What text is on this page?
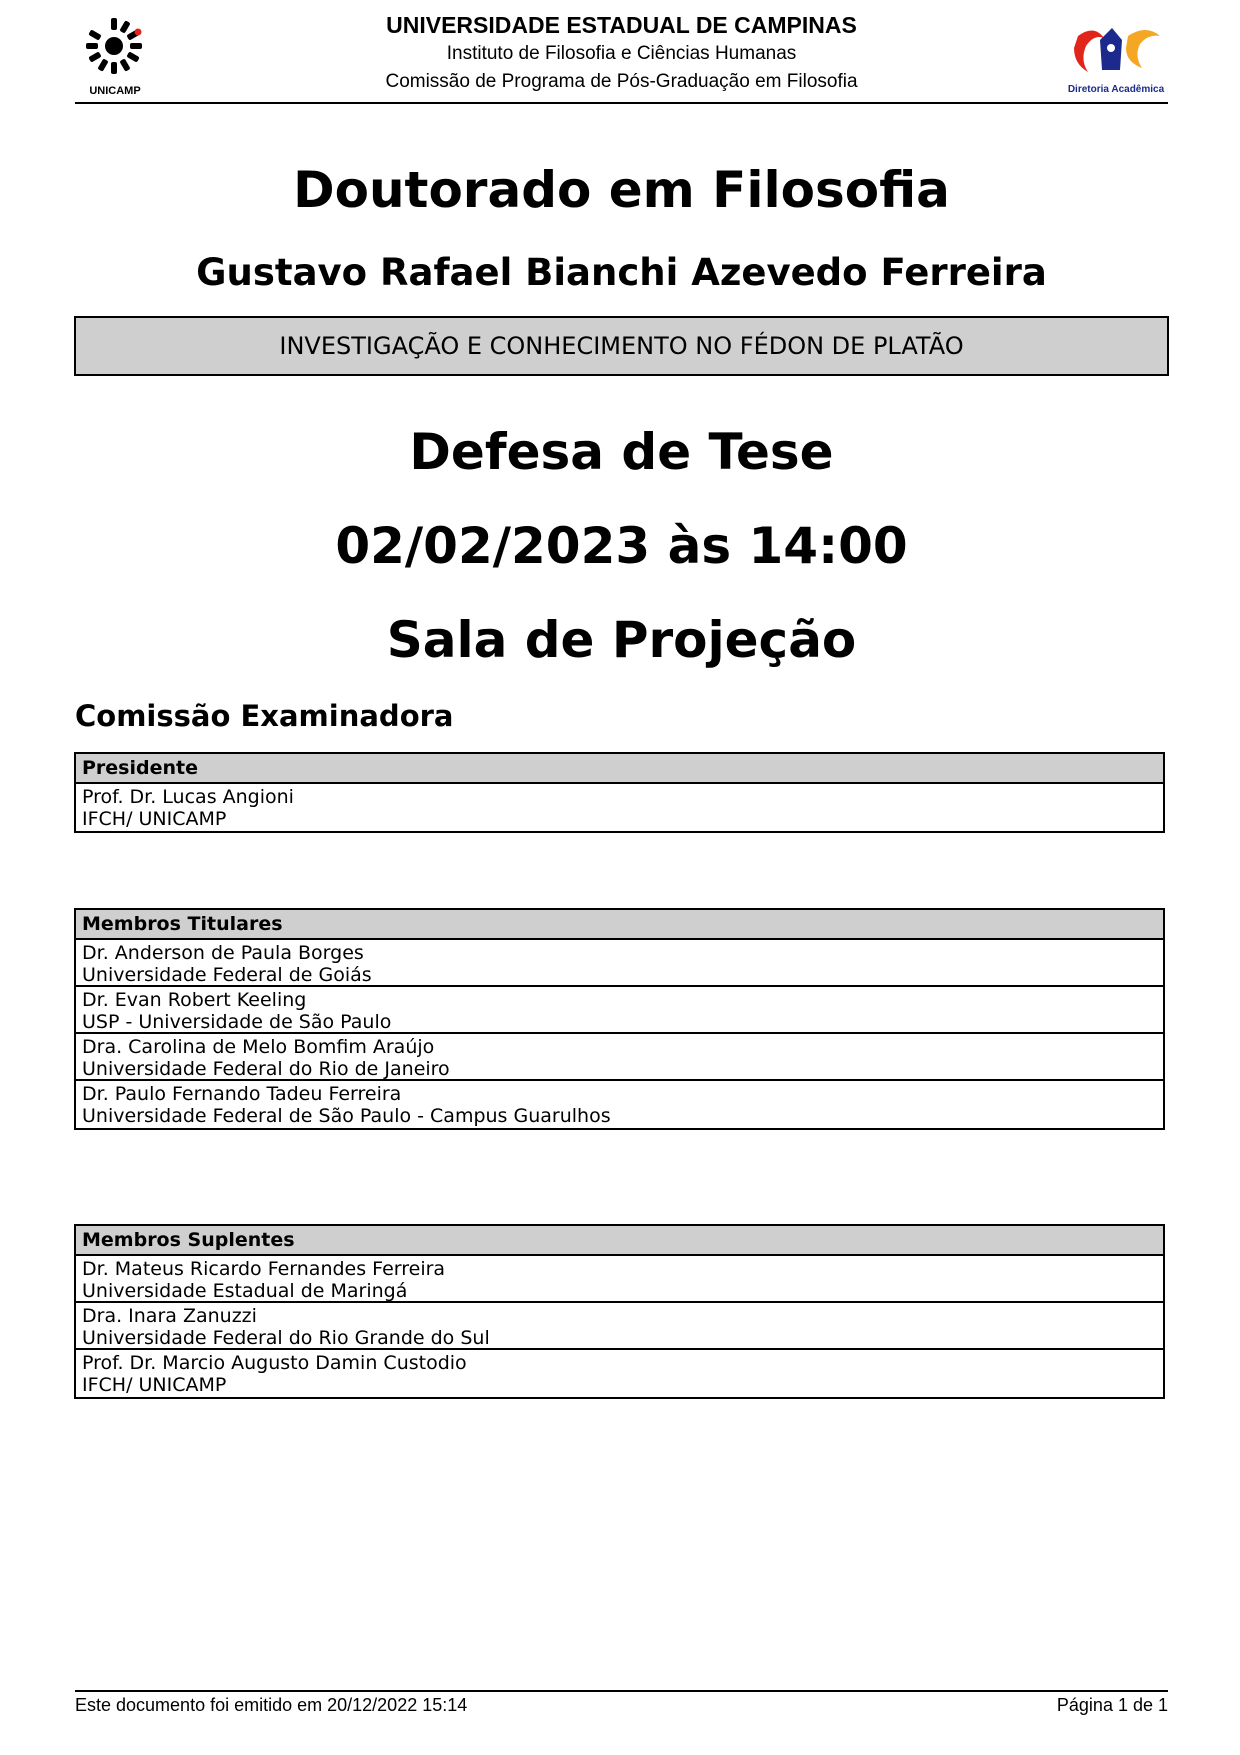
UNICAMP
UNIVERSIDADE ESTADUAL DE CAMPINAS
Instituto de Filosofia e Ciências Humanas
Comissão de Programa de Pós-Graduação em Filosofia	Diretoria Acadêmica
Doutorado em Filosofia
Gustavo Rafael Bianchi Azevedo Ferreira
INVESTIGAÇÃO E CONHECIMENTO NO FÉDON DE PLATÃO
Defesa de Tese
02/02/2023 às 14:00
Sala de Projeção
Comissão Examinadora
Presidente
Prof. Dr. Lucas Angioni
IFCH/ UNICAMP
Membros Titulares
Dr. Anderson de Paula Borges
Universidade Federal de Goiás
Dr. Evan Robert Keeling
USP - Universidade de São Paulo
Dra. Carolina de Melo Bomfim Araújo
Universidade Federal do Rio de Janeiro
Dr. Paulo Fernando Tadeu Ferreira
Universidade Federal de São Paulo - Campus Guarulhos
Membros Suplentes
Dr. Mateus Ricardo Fernandes Ferreira
Universidade Estadual de Maringá
Dra. Inara Zanuzzi
Universidade Federal do Rio Grande do Sul
Prof. Dr. Marcio Augusto Damin Custodio
IFCH/ UNICAMP
Este documento foi emitido em 20/12/2022 15:14	Página 1 de 1
